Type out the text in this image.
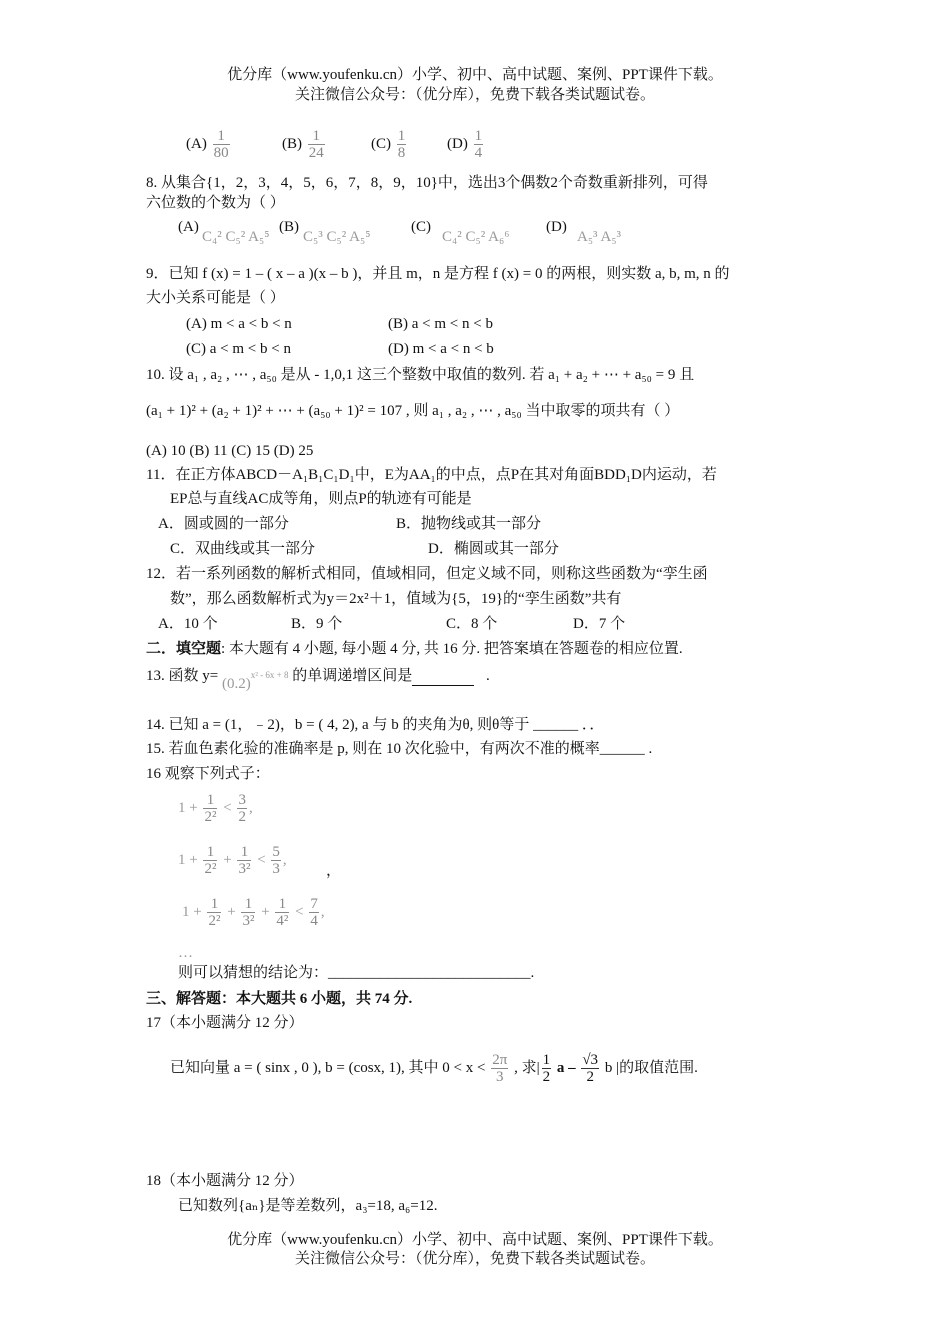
优分库（www.youfenku.cn）小学、初中、高中试题、案例、PPT课件下载。
关注微信公众号：（优分库），免费下载各类试题试卷。
$(A) \frac{1}{80}$	$(B) \frac{1}{24}$	$(C) \frac{1}{8}$	$(D) \frac{1}{4}$
8. 从集合{1，2，3，4，5，6，7，8，9，10}中，选出3个偶数2个奇数重新排列，可得
六位数的个数为（ ）
(A)
C₄² C₅² A₅⁵
(B)
C₅³ C₅² A₅⁵
(C)
C₄² C₅² A₆⁶
(D)
A₅³ A₅³
9．已知 f (x) = 1 – ( x – a )(x – b )，并且 m，n 是方程 f (x) = 0 的两根，则实数 a, b, m, n 的
大小关系可能是（ ）
(A) m < a < b < n	(B) a < m < n < b
(C) a < m < b < n	(D) m < a < n < b
10. 设 a₁ , a₂ , ⋯ , a₅₀ 是从 - 1,0,1 这三个整数中取值的数列. 若 a₁ + a₂ + ⋯ + a₅₀ = 9 且
(a₁ + 1)² + (a₂ + 1)² + ⋯ + (a₅₀ + 1)² = 107 , 则 a₁ , a₂ , ⋯ , a₅₀ 当中取零的项共有（ ）
(A) 10 (B) 11 (C) 15 (D) 25
11．在正方体ABCD－A₁B₁C₁D₁中，E为AA₁的中点，点P在其对角面BDD₁D内运动，若
EP总与直线AC成等角，则点P的轨迹有可能是
A．圆或圆的一部分	B．抛物线或其一部分
C．双曲线或其一部分	D．椭圆或其一部分
12．若一系列函数的解析式相同，值域相同，但定义域不同，则称这些函数为“孪生函
数”，那么函数解析式为y＝2x²＋1，值域为{5，19}的“孪生函数”共有
A．10 个	B．9 个	C．8 个	D．7 个
二．填空题: 本大题有 4 小题, 每小题 4 分, 共 16 分. 把答案填在答题卷的相应位置.
13. 函数 y= (0.2)x² - 6x + 8 的单调递增区间是	.
14. 已知 a = (1，﹣2)，b = ( 4, 2), a 与 b 的夹角为θ, 则θ等于 ______ ．．
15. 若血色素化验的准确率是 p, 则在 10 次化验中，有两次不准的概率______ .
16 观察下列式子：
$1 + \frac{1}{\text{2²}} < \frac{3}{2}$ ,
$1 + \frac{1}{\text{2²}} + \frac{1}{\text{3²}} < \frac{5}{3}$ ,
，
$1 + \frac{1}{\text{2²}} + \frac{1}{\text{3²}} + \frac{1}{\text{4²}} < \frac{7}{4}$ ,
…
则可以猜想的结论为：___________________________.
三、解答题：本大题共 6 小题，共 74 分.
17（本小题满分 12 分）
已知向量 a = ( sinx , 0 ), b = (cosx, 1), 其中 $0 < x < \frac{2\pi}{3}$ , 求| $\frac{1}{2}$ a – $\frac{√3}{2}$ b |的取值范围.
18（本小题满分 12 分）
已知数列{aₙ}是等差数列，a₃=18, a₆=12.
优分库（www.youfenku.cn）小学、初中、高中试题、案例、PPT课件下载。
关注微信公众号：（优分库），免费下载各类试题试卷。
